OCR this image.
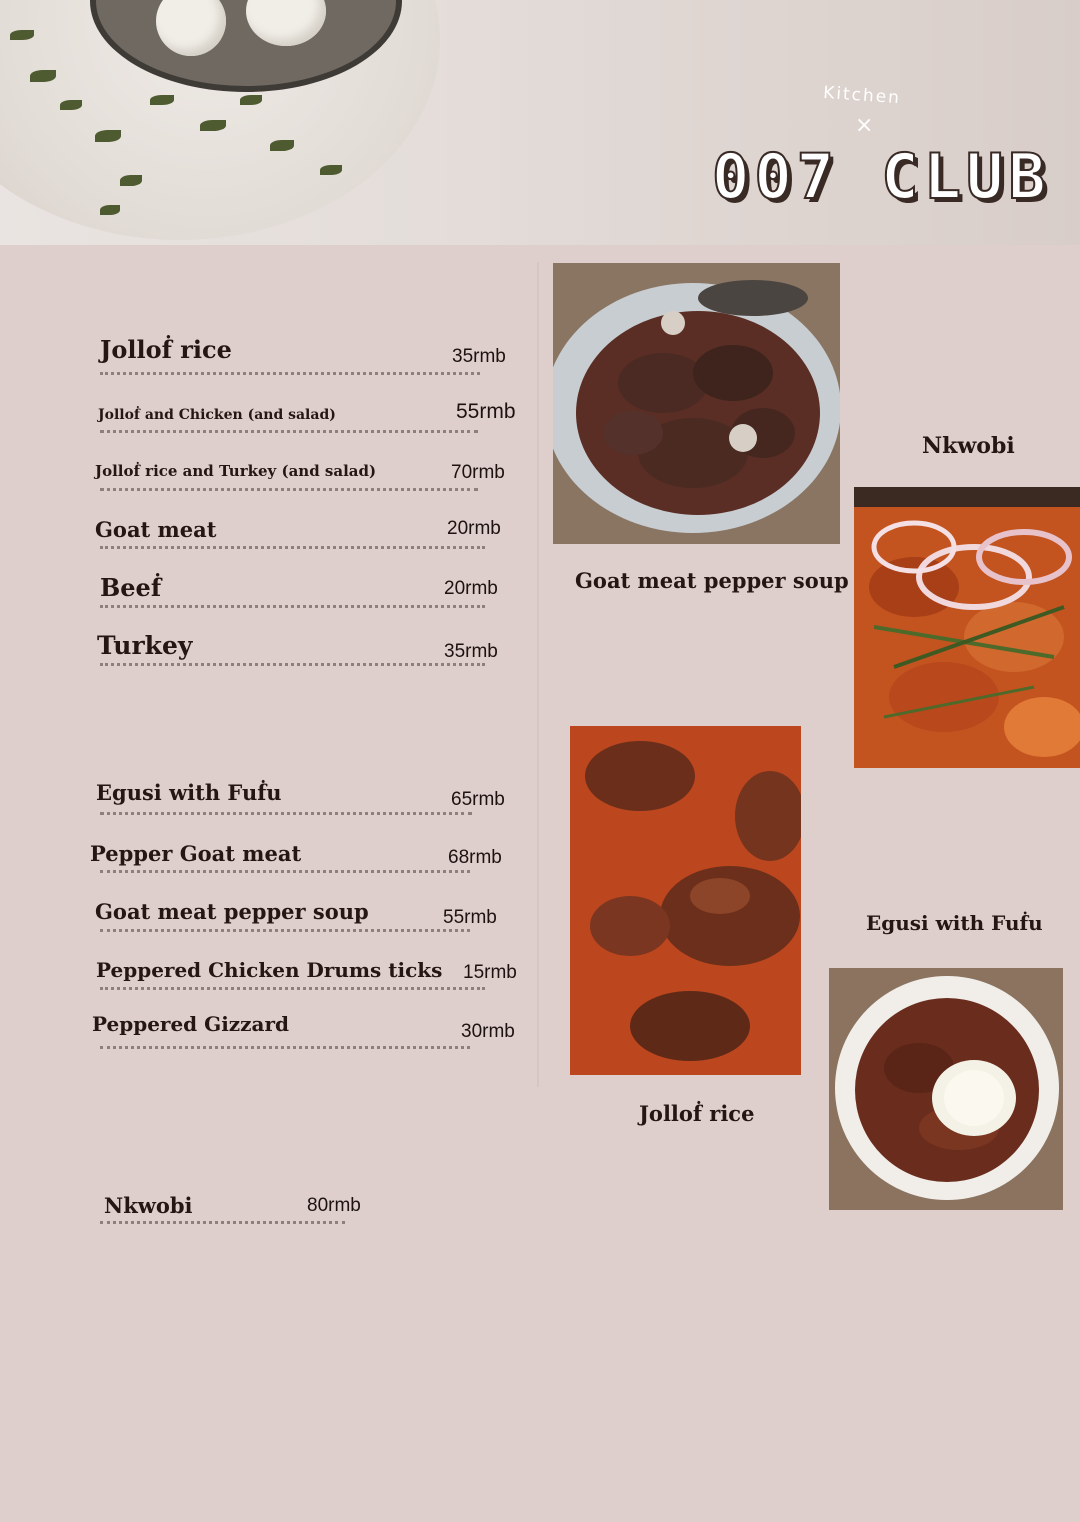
Kitchen
×
007 CLUB
Jolloḟ rice	35rmb
Jolloḟ and Chicken (and salad)	55rmb
Jolloḟ rice and Turkey (and salad)	70rmb
Goat meat	20rmb
Beeḟ	20rmb
Turkey	35rmb
Egusi with Fuḟu	65rmb
Pepper Goat meat	68rmb
Goat meat pepper soup	55rmb
Peppered Chicken Drums ticks 15rmb
Peppered Gizzard	30rmb
Nkwobi	80rmb
Goat meat pepper soup
Nkwobi
Jolloḟ rice
Egusi with Fuḟu
